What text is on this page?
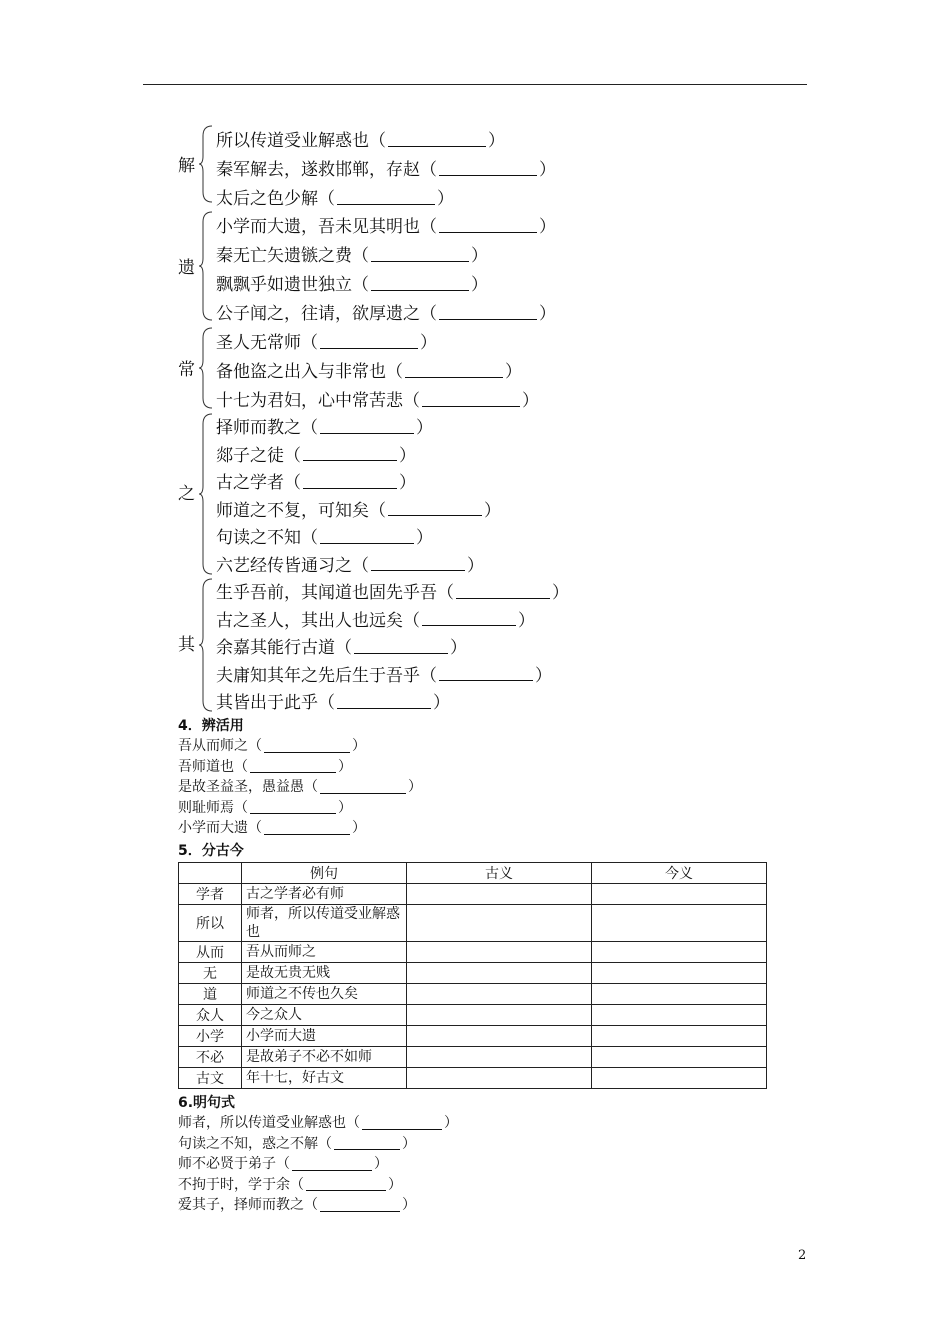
解
所以传道受业解惑也 （	）
秦军解去，遂救邯郸，存赵 （	）
太后之色少解 （	）
遗
小学而大遗，吾未见其明也 （	）
秦无亡矢遗镞之费 （	）
飘飘乎如遗世独立 （	）
公子闻之，往请，欲厚遗之 （	）
常
圣人无常师 （	）
备他盗之出入与非常也 （	）
十七为君妇，心中常苦悲 （	）
之
择师而教之 （	）
郯子之徒 （	）
古之学者 （	）
师道之不复，可知矣 （	）
句读之不知 （	）
六艺经传皆通习之 （	）
其
生乎吾前，其闻道也固先乎吾 （	）
古之圣人，其出人也远矣 （	）
余嘉其能行古道 （	）
夫庸知其年之先后生于吾乎 （	）
其皆出于此乎 （	）
4．辨活用
吾从而师之 （	）
吾师道也 （	）
是故圣益圣，愚益愚 （	）
则耻师焉 （	）
小学而大遗 （	）
5．分古今
	例句	古义	今义
学者	古之学者必有师		
所以	师者，所以传道受业解惑也		
从而	吾从而师之		
无	是故无贵无贱		
道	师道之不传也久矣		
众人	今之众人		
小学	小学而大遗		
不必	是故弟子不必不如师		
古文	年十七，好古文		
6.明句式
师者，所以传道受业解惑也 （	）
句读之不知，惑之不解 （	）
师不必贤于弟子 （	）
不拘于时，学于余 （	）
爱其子，择师而教之 （	）
2
